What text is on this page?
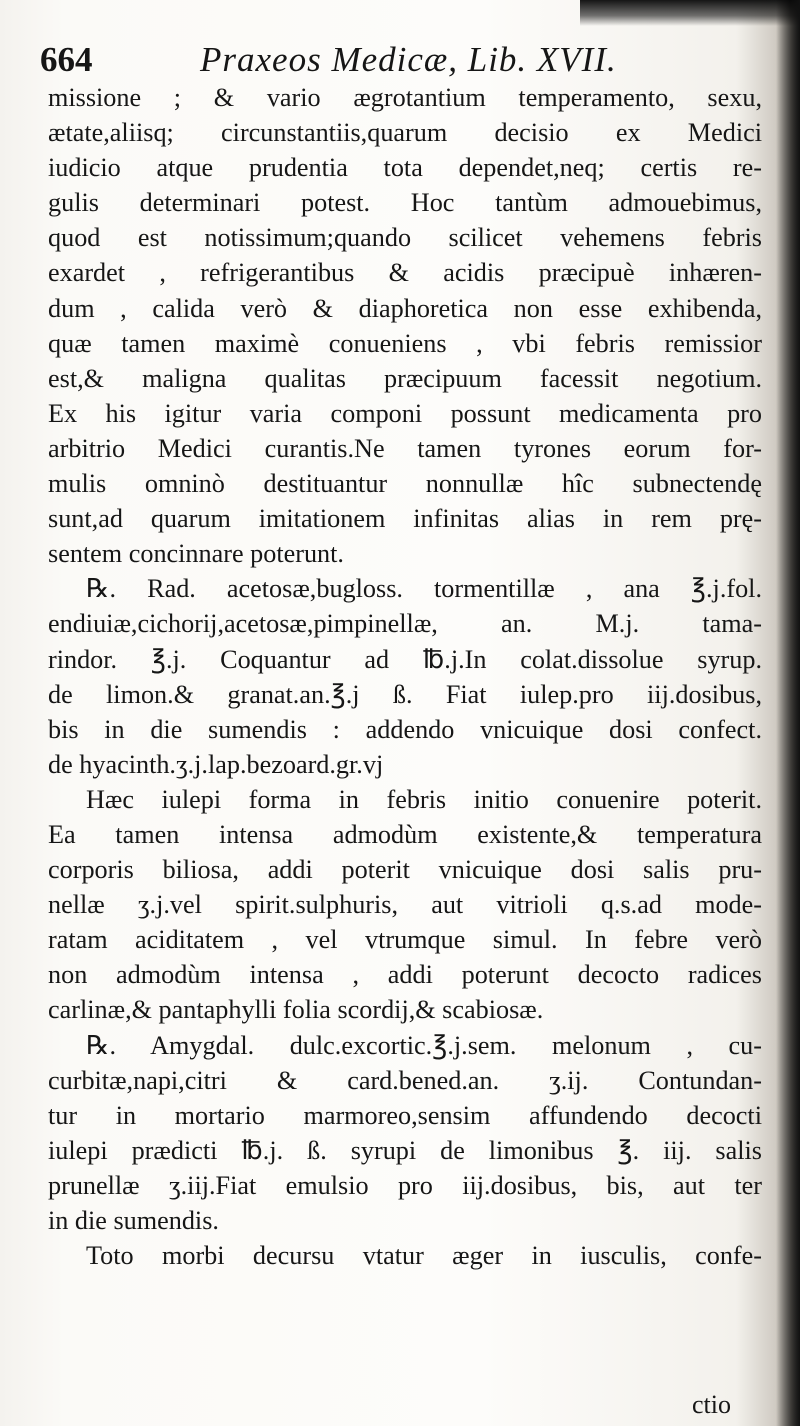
664	Praxeos Medicæ, Lib. XVII.
missione ; & vario ægrotantium temperamento, sexu,
ætate,aliisq; circunstantiis,quarum decisio ex Medici
iudicio atque prudentia tota dependet,neq; certis re-
gulis determinari potest. Hoc tantùm admouebimus,
quod est notissimum;quando scilicet vehemens febris
exardet , refrigerantibus & acidis præcipuè inhæren-
dum , calida verò & diaphoretica non esse exhibenda,
quæ tamen maximè conueniens , vbi febris remissior
est,& maligna qualitas præcipuum facessit negotium.
Ex his igitur varia componi possunt medicamenta pro
arbitrio Medici curantis.Ne tamen tyrones eorum for-
mulis omninò destituantur nonnullæ hîc subnectendę
sunt,ad quarum imitationem infinitas alias in rem prę-
sentem concinnare poterunt.
℞. Rad. acetosæ,bugloss. tormentillæ , ana ℥.j.fol.
endiuiæ,cichorij,acetosæ,pimpinellæ, an. M.j. tama-
rindor. ℥.j. Coquantur ad ℔.j.In colat.dissolue syrup.
de limon.& granat.an.℥.j ß. Fiat iulep.pro iij.dosibus,
bis in die sumendis : addendo vnicuique dosi confect.
de hyacinth.ʒ.j.lap.bezoard.gr.vj
Hæc iulepi forma in febris initio conuenire poterit.
Ea tamen intensa admodùm existente,& temperatura
corporis biliosa, addi poterit vnicuique dosi salis pru-
nellæ ʒ.j.vel spirit.sulphuris, aut vitrioli q.s.ad mode-
ratam aciditatem , vel vtrumque simul. In febre verò
non admodùm intensa , addi poterunt decocto radices
carlinæ,& pantaphylli folia scordij,& scabiosæ.
℞. Amygdal. dulc.excortic.℥.j.sem. melonum , cu-
curbitæ,napi,citri & card.bened.an. ʒ.ij. Contundan-
tur in mortario marmoreo,sensim affundendo decocti
iulepi prædicti ℔.j. ß. syrupi de limonibus ℥. iij. salis
prunellæ ʒ.iij.Fiat emulsio pro iij.dosibus, bis, aut ter
in die sumendis.
Toto morbi decursu vtatur æger in iusculis, confe-
ctio
